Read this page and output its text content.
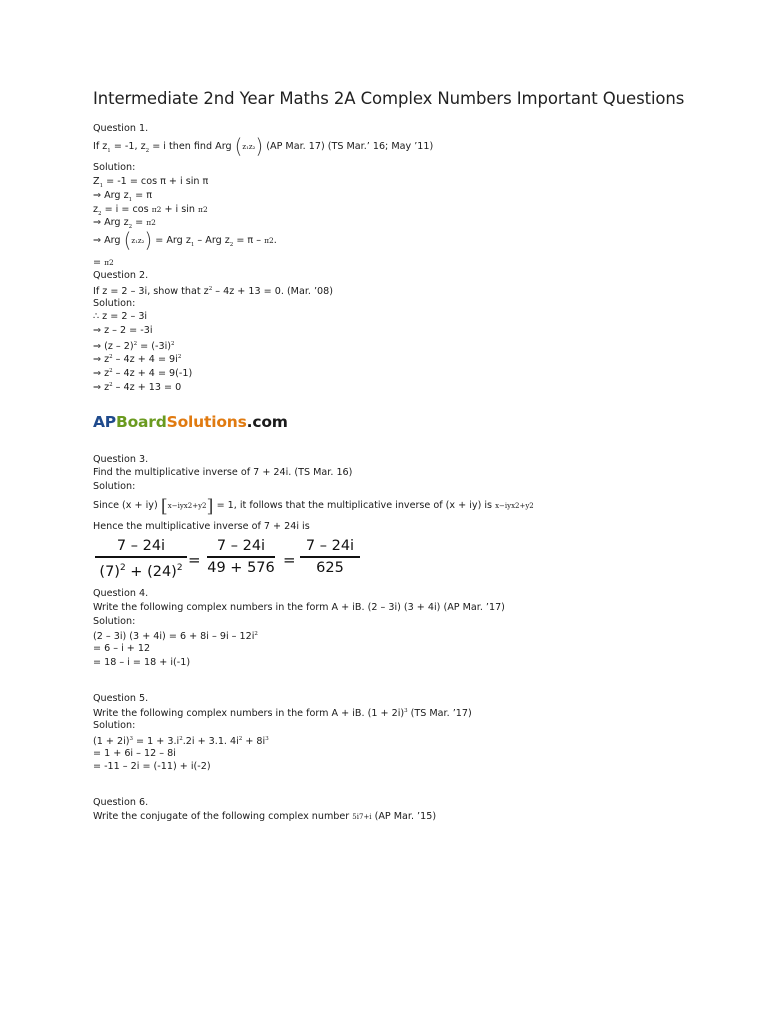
Intermediate 2nd Year Maths 2A Complex Numbers Important Questions
Question 1.
If $z_1 = -1$, $z_2 = i$ then find Arg (z₁z₂) (AP Mar. 17) (TS Mar.’ 16; May ’11)
Solution:
$Z_1 = -1 = \cos \pi + i$ sin π
⇒ Arg $z_1 = \pi$
$z_2 = i = \cos \pi 2 + i$ sin π2
⇒ Arg $z_2 = \pi 2$
⇒ Arg (z₁z₂) = Arg $z_1$ – Arg $z_2 = \pi - \pi 2$.
= π2
Question 2.
If z = 2 – 3i, show that $z^2 - 4z + 13 = 0$. (Mar. ’08)
Solution:
∴ z = 2 – 3i
⇒ z – 2 = -3i
⇒ $(z - 2)^2 = (-3i)^2$
⇒ $z^2 - 4z + 4 = 9i^2$
⇒ $z^2 - 4z + 4 = 9(-1)$
⇒ $z^2 - 4z + 13 = 0$
APBoardSolutions.com
Question 3.
Find the multiplicative inverse of 7 + 24i. (TS Mar. 16)
Solution:
Since (x + iy) [x−iyx2+y2] = 1, it follows that the multiplicative inverse of (x + iy) is x−iyx2+y2
Hence the multiplicative inverse of 7 + 24i is
7 – 24i
$(7)^2 + (24)^2$ =
7 – 24i
49 + 576 =
7 – 24i
625
Question 4.
Write the following complex numbers in the form A + iB. (2 – 3i) (3 + 4i) (AP Mar. ’17)
Solution:
(2 – 3i) $(3 + 4i) = 6 + 8i - 9i - 12i^2$
= 6 – i + 12
= 18 – i = 18 + i(-1)
Question 5.
Write the following complex numbers in the form A + iB. $(1 + 2i)^3$ (TS Mar. ’17)
Solution:
$(1 + 2i)^3 = 1 + 3.i^2.2i + 3.1$. $4i^2 + 8i^3$
= 1 + 6i – 12 – 8i
= -11 – 2i = (-11) + i(-2)
Question 6.
Write the conjugate of the following complex number 5i7+i (AP Mar. ’15)
